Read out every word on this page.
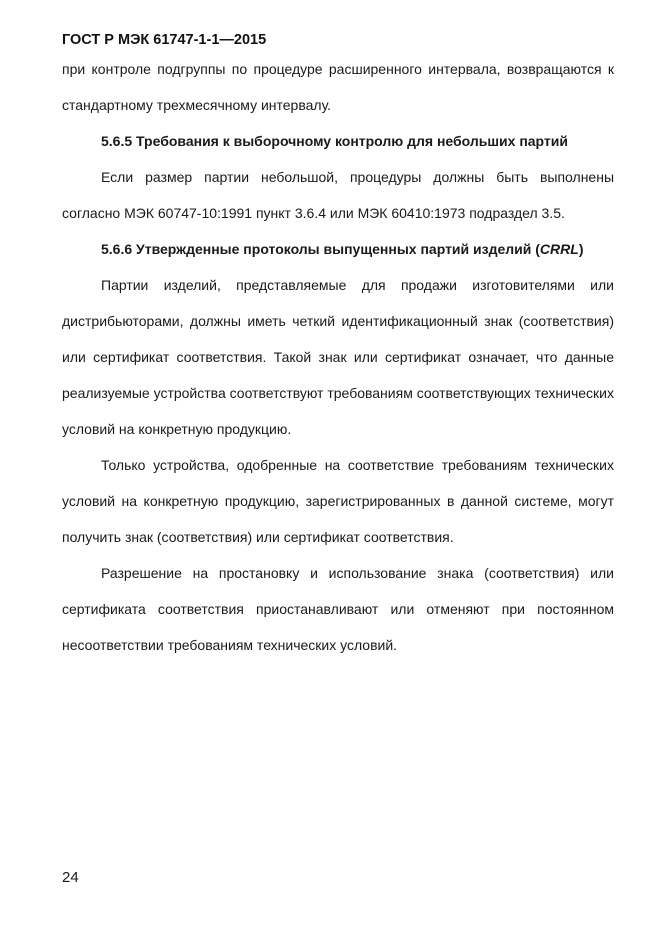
ГОСТ Р МЭК 61747-1-1—2015

при контроле подгруппы по процедуре расширенного интервала, возвращаются к стандартному трехмесячному интервалу.

5.6.5 Требования к выборочному контролю для небольших партий

Если размер партии небольшой, процедуры должны быть выполнены согласно МЭК 60747-10:1991 пункт 3.6.4 или МЭК 60410:1973 подраздел 3.5.

5.6.6 Утвержденные протоколы выпущенных партий изделий (CRRL)

Партии изделий, представляемые для продажи изготовителями или дистрибьюторами, должны иметь четкий идентификационный знак (соответствия) или сертификат соответствия. Такой знак или сертификат означает, что данные реализуемые устройства соответствуют требованиям соответствующих технических условий на конкретную продукцию.

Только устройства, одобренные на соответствие требованиям технических условий на конкретную продукцию, зарегистрированных в данной системе, могут получить знак (соответствия) или сертификат соответствия.

Разрешение на простановку и использование знака (соответствия) или сертификата соответствия приостанавливают или отменяют при постоянном несоответствии требованиям технических условий.

24
